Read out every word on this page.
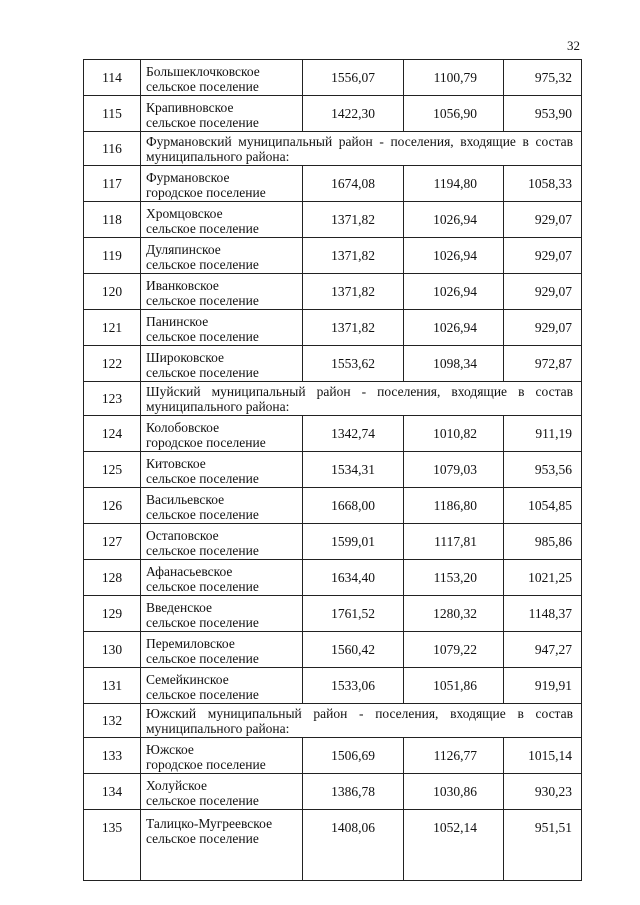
32
114	Большеклочковское
сельское поселение	1556,07	1100,79	975,32
115	Крапивновское
сельское поселение	1422,30	1056,90	953,90
116	Фурмановский муниципальный район - поселения, входящие в состав муниципального района:			
117	Фурмановское
городское поселение	1674,08	1194,80	1058,33
118	Хромцовское
сельское поселение	1371,82	1026,94	929,07
119	Дуляпинское
сельское поселение	1371,82	1026,94	929,07
120	Иванковское
сельское поселение	1371,82	1026,94	929,07
121	Панинское
сельское поселение	1371,82	1026,94	929,07
122	Широковское
сельское поселение	1553,62	1098,34	972,87
123	Шуйский муниципальный район - поселения, входящие в состав муниципального района:			
124	Колобовское
городское поселение	1342,74	1010,82	911,19
125	Китовское
сельское поселение	1534,31	1079,03	953,56
126	Васильевское
сельское поселение	1668,00	1186,80	1054,85
127	Остаповское
сельское поселение	1599,01	1117,81	985,86
128	Афанасьевское
сельское поселение	1634,40	1153,20	1021,25
129	Введенское
сельское поселение	1761,52	1280,32	1148,37
130	Перемиловское
сельское поселение	1560,42	1079,22	947,27
131	Семейкинское
сельское поселение	1533,06	1051,86	919,91
132	Южский муниципальный район - поселения, входящие в состав муниципального района:			
133	Южское
городское поселение	1506,69	1126,77	1015,14
134	Холуйское
сельское поселение	1386,78	1030,86	930,23
135	Талицко-Мугреевское
сельское поселение	1408,06	1052,14	951,51
